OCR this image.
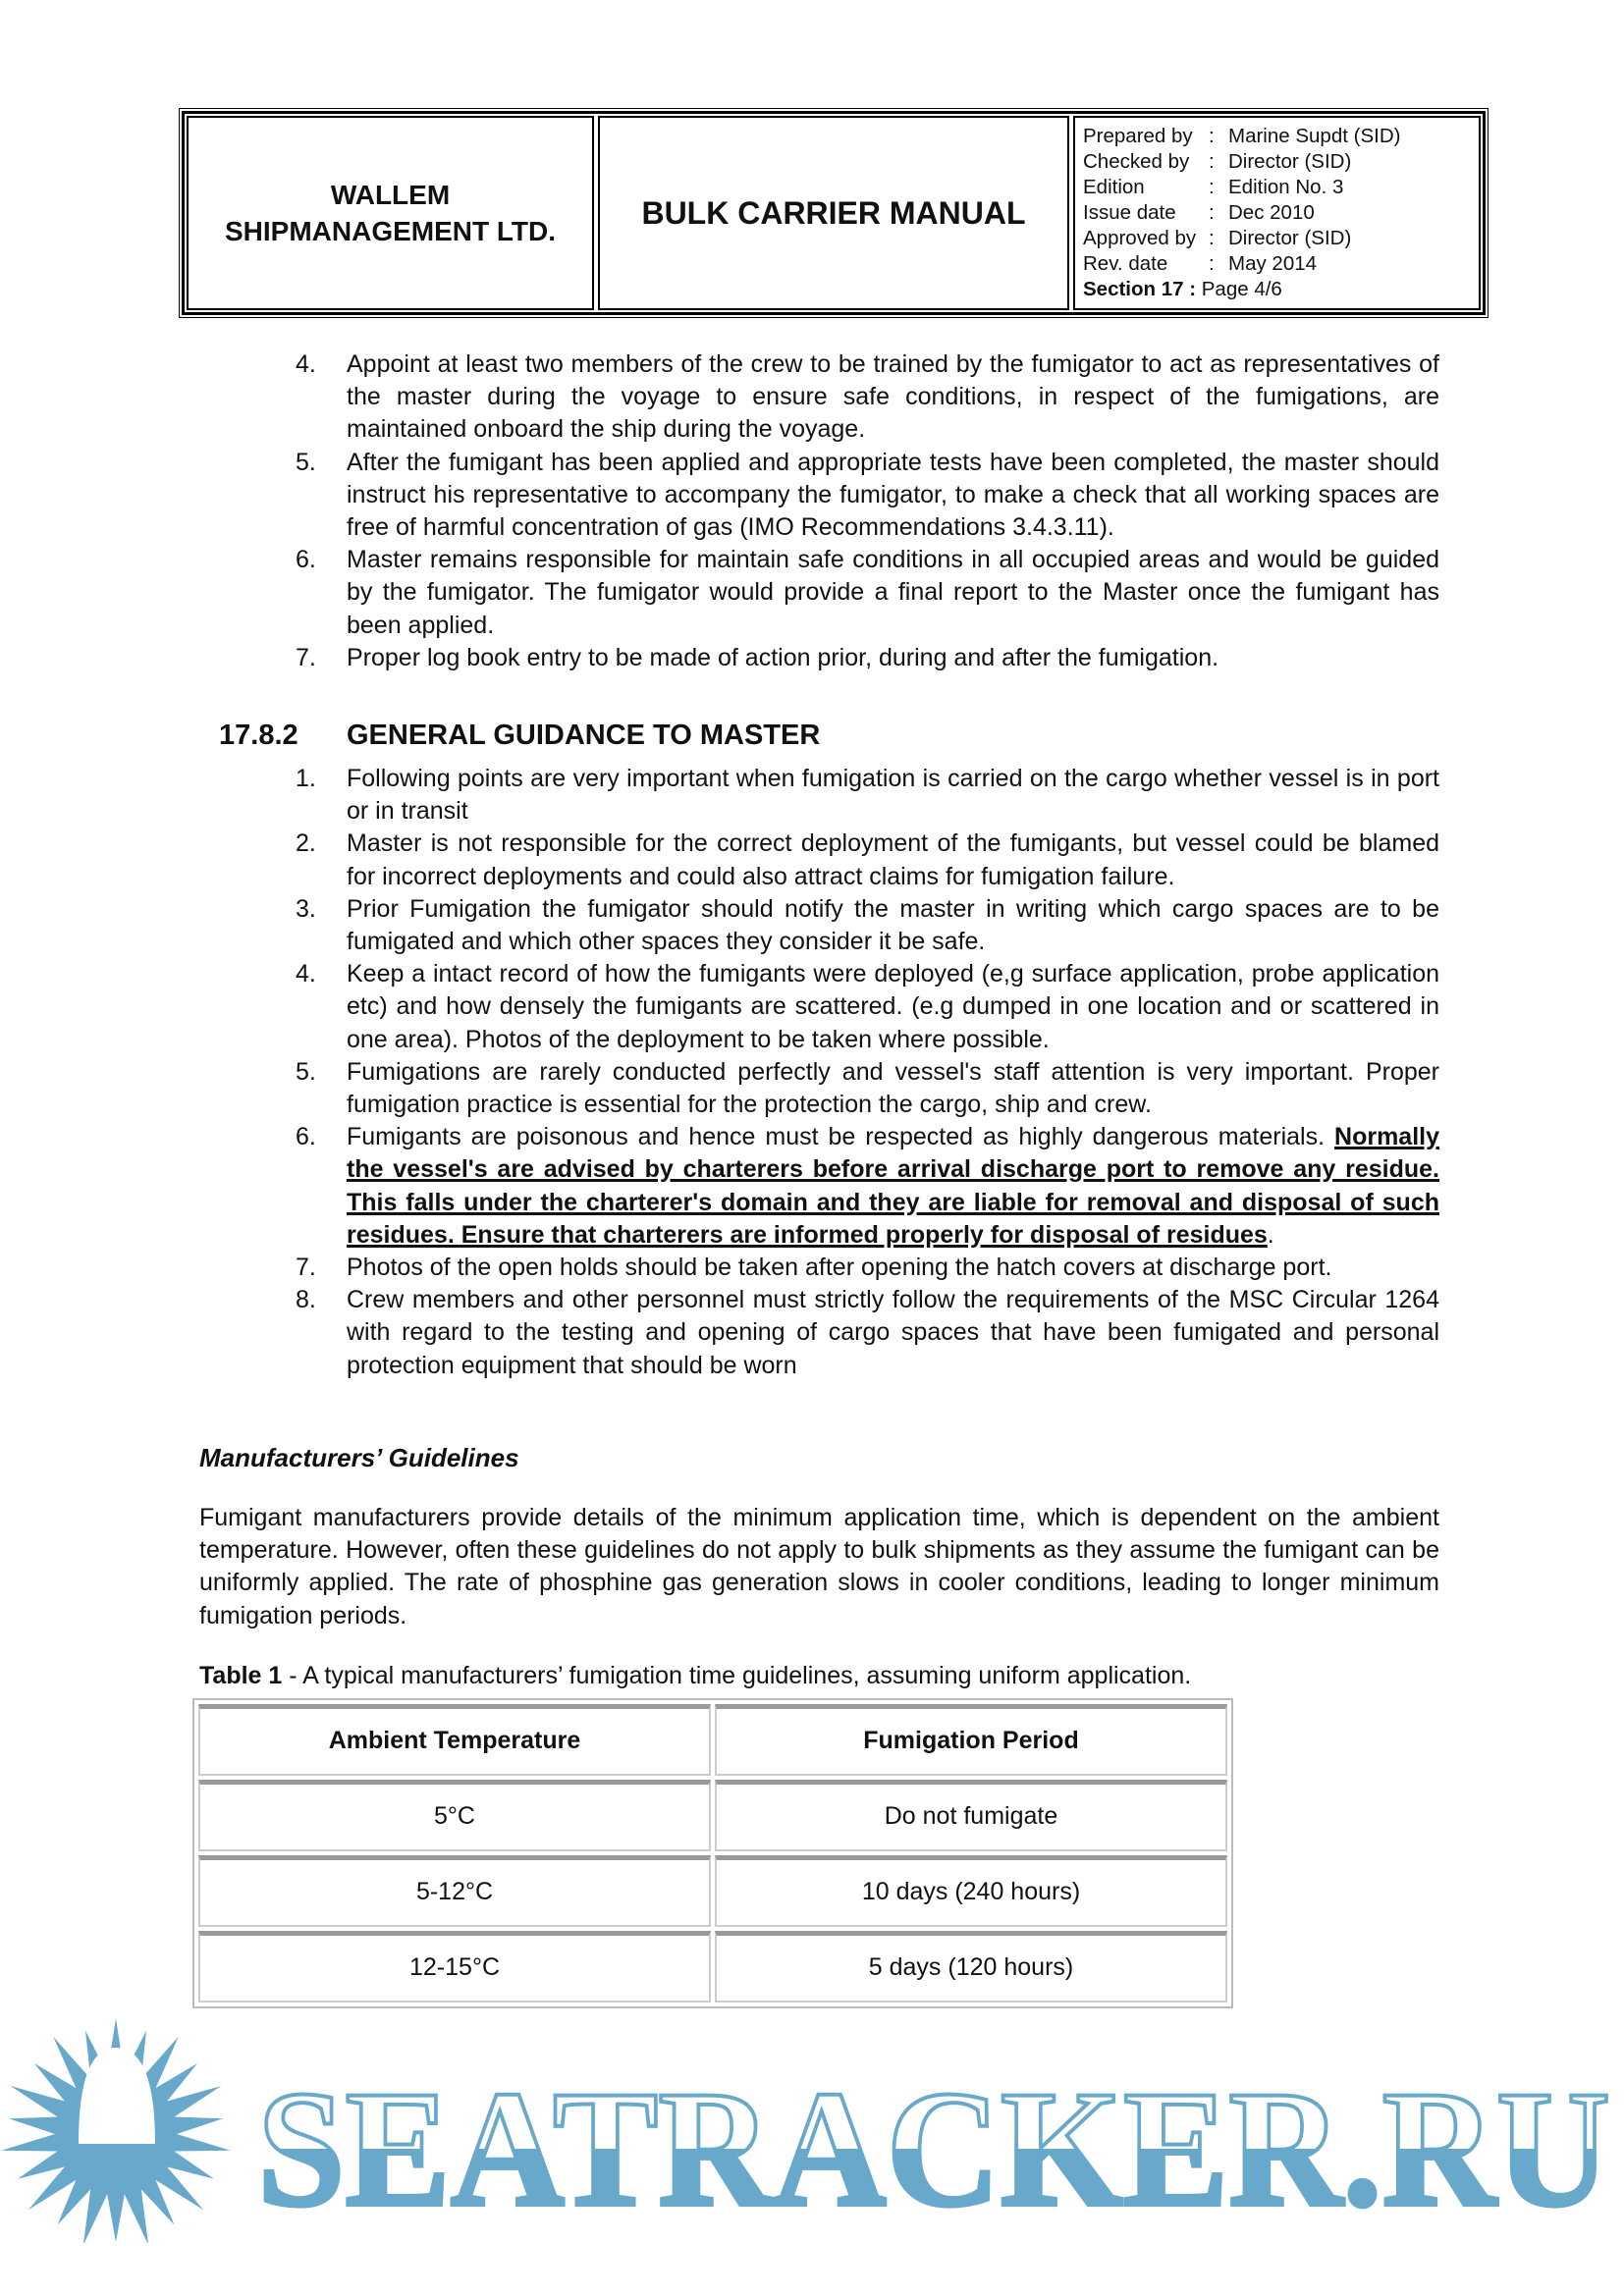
WALLEM
SHIPMANAGEMENT LTD.
BULK CARRIER MANUAL
Prepared by : Marine Supdt (SID)
Checked by : Director (SID)
Edition	: Edition No. 3
Issue date	: Dec 2010
Approved by : Director (SID)
Rev. date	: May 2014
Section 17 : Page 4/6
4.	Appoint at least two members of the crew to be trained by the fumigator to act as representatives of the master during the voyage to ensure safe conditions, in respect of the fumigations, are maintained onboard the ship during the voyage.
5.	After the fumigant has been applied and appropriate tests have been completed, the master should instruct his representative to accompany the fumigator, to make a check that all working spaces are free of harmful concentration of gas (IMO Recommendations 3.4.3.11).
6.	Master remains responsible for maintain safe conditions in all occupied areas and would be guided by the fumigator. The fumigator would provide a final report to the Master once the fumigant has been applied.
7.	Proper log book entry to be made of action prior, during and after the fumigation.
17.8.2 GENERAL GUIDANCE TO MASTER
1.	Following points are very important when fumigation is carried on the cargo whether vessel is in port or in transit
2.	Master is not responsible for the correct deployment of the fumigants, but vessel could be blamed for incorrect deployments and could also attract claims for fumigation failure.
3.	Prior Fumigation the fumigator should notify the master in writing which cargo spaces are to be fumigated and which other spaces they consider it be safe.
4.	Keep a intact record of how the fumigants were deployed (e,g surface application, probe application etc) and how densely the fumigants are scattered. (e.g dumped in one location and or scattered in one area). Photos of the deployment to be taken where possible.
5.	Fumigations are rarely conducted perfectly and vessel's staff attention is very important. Proper fumigation practice is essential for the protection the cargo, ship and crew.
6.	Fumigants are poisonous and hence must be respected as highly dangerous materials. Normally the vessel's are advised by charterers before arrival discharge port to remove any residue. This falls under the charterer's domain and they are liable for removal and disposal of such residues. Ensure that charterers are informed properly for disposal of residues.
7.	Photos of the open holds should be taken after opening the hatch covers at discharge port.
8.	Crew members and other personnel must strictly follow the requirements of the MSC Circular 1264 with regard to the testing and opening of cargo spaces that have been fumigated and personal protection equipment that should be worn
Manufacturers’ Guidelines
Fumigant manufacturers provide details of the minimum application time, which is dependent on the ambient temperature. However, often these guidelines do not apply to bulk shipments as they assume the fumigant can be uniformly applied. The rate of phosphine gas generation slows in cooler conditions, leading to longer minimum fumigation periods.
Table 1 - A typical manufacturers’ fumigation time guidelines, assuming uniform application.
Ambient Temperature	Fumigation Period
5°C	Do not fumigate
5-12°C	10 days (240 hours)
12-15°C	5 days (120 hours)
SEATRACKER.RU
